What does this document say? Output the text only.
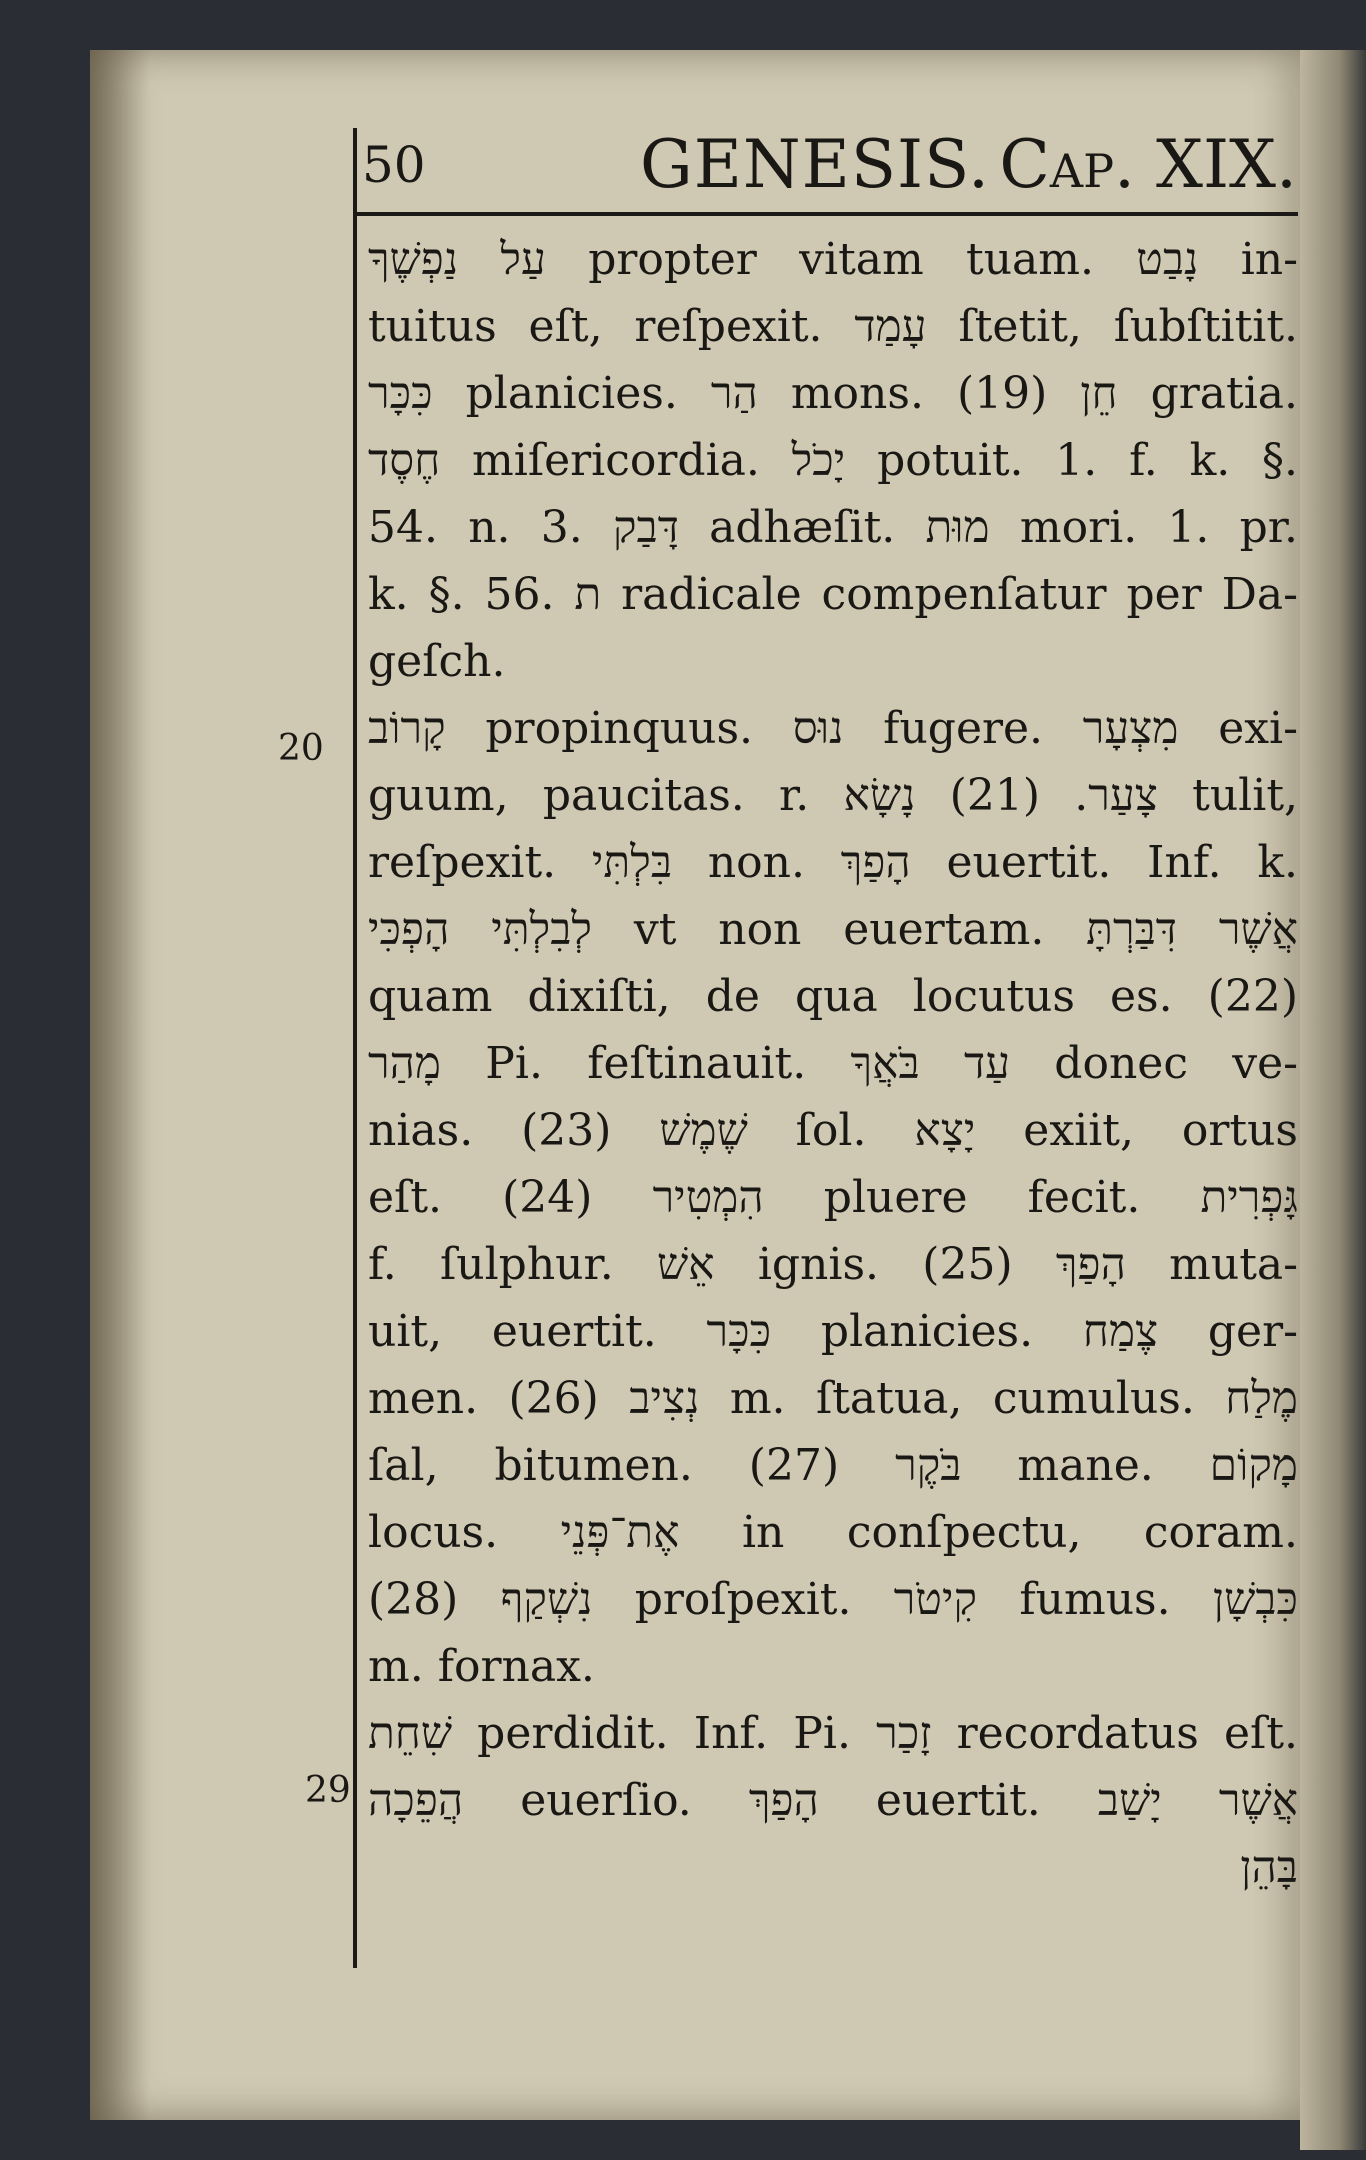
50	GENESIS. Cap. XIX.
20
29
עַל נַפְשֶׁךָ propter vitam tuam. נָבַט in-
tuitus eſt, reſpexit. עָמַד ſtetit, ſubſtitit.
כִּכָּר planicies. הַר mons. (19) חֵן gratia.
חֶסֶד miſericordia. יָכֹל potuit. 1. f. k. §.
54. n. 3. דָּבַק adhæſit. מוּת mori. 1. pr.
k. §. 56. ת radicale compenſatur per Da-
geſch.
קָרוֹב propinquus. נוּס fugere. מִצְעָר exi-
guum, paucitas. r. צָעַר. (21) נָשָׂא tulit,
reſpexit. בִּלְתִּי non. הָפַךְ euertit. Inf. k.
לְבִלְתִּי הָפְכִּי vt non euertam. אֲשֶׁר דִּבַּרְתָּ
quam dixiſti, de qua locutus es. (22)
מָהַר Pi. feſtinauit. עַד בֹּאֲךָ donec ve-
nias. (23) שֶׁמֶשׁ ſol. יָצָא exiit, ortus
eſt. (24) הִמְטִיר pluere fecit. גָּפְרִית
f. ſulphur. אֵשׁ ignis. (25) הָפַךְ muta-
uit, euertit. כִּכָּר planicies. צֶמַח ger-
men. (26) נְצִיב m. ſtatua, cumulus. מֶלַח
ſal, bitumen. (27) בֹּקֶר mane. מָקוֹם
locus. אֶת־פְּנֵי in conſpectu, coram.
(28) נִשְׁקַף proſpexit. קִיטֹר fumus. כִּבְשָׁן
m. fornax.
שִׁחֵת perdidit. Inf. Pi. זָכַר recordatus eſt.
הֲפֵכָה euerſio. הָפַךְ euertit. אֲשֶׁר יָשַׁב
בָּהֵן
